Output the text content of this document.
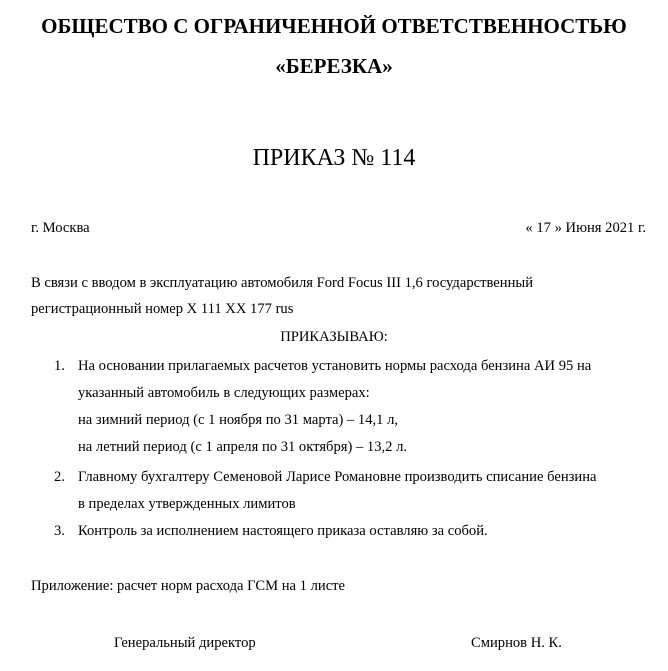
ОБЩЕСТВО С ОГРАНИЧЕННОЙ ОТВЕТСТВЕННОСТЬЮ
«БЕРЕЗКА»
ПРИКАЗ № 114
г. Москва	« 17 » Июня 2021 г.
В связи с вводом в эксплуатацию автомобиля Ford Focus III 1,6 государственный
регистрационный номер Х 111 ХХ 177 rus
ПРИКАЗЫВАЮ:
1. На основании прилагаемых расчетов установить нормы расхода бензина АИ 95 на
указанный автомобиль в следующих размерах:
на зимний период (с 1 ноября по 31 марта) – 14,1 л,
на летний период (с 1 апреля по 31 октября) – 13,2 л.
2. Главному бухгалтеру Семеновой Ларисе Романовне производить списание бензина
в пределах утвержденных лимитов
3. Контроль за исполнением настоящего приказа оставляю за собой.
Приложение: расчет норм расхода ГСМ на 1 листе
Генеральный директор	Смирнов Н. К.
